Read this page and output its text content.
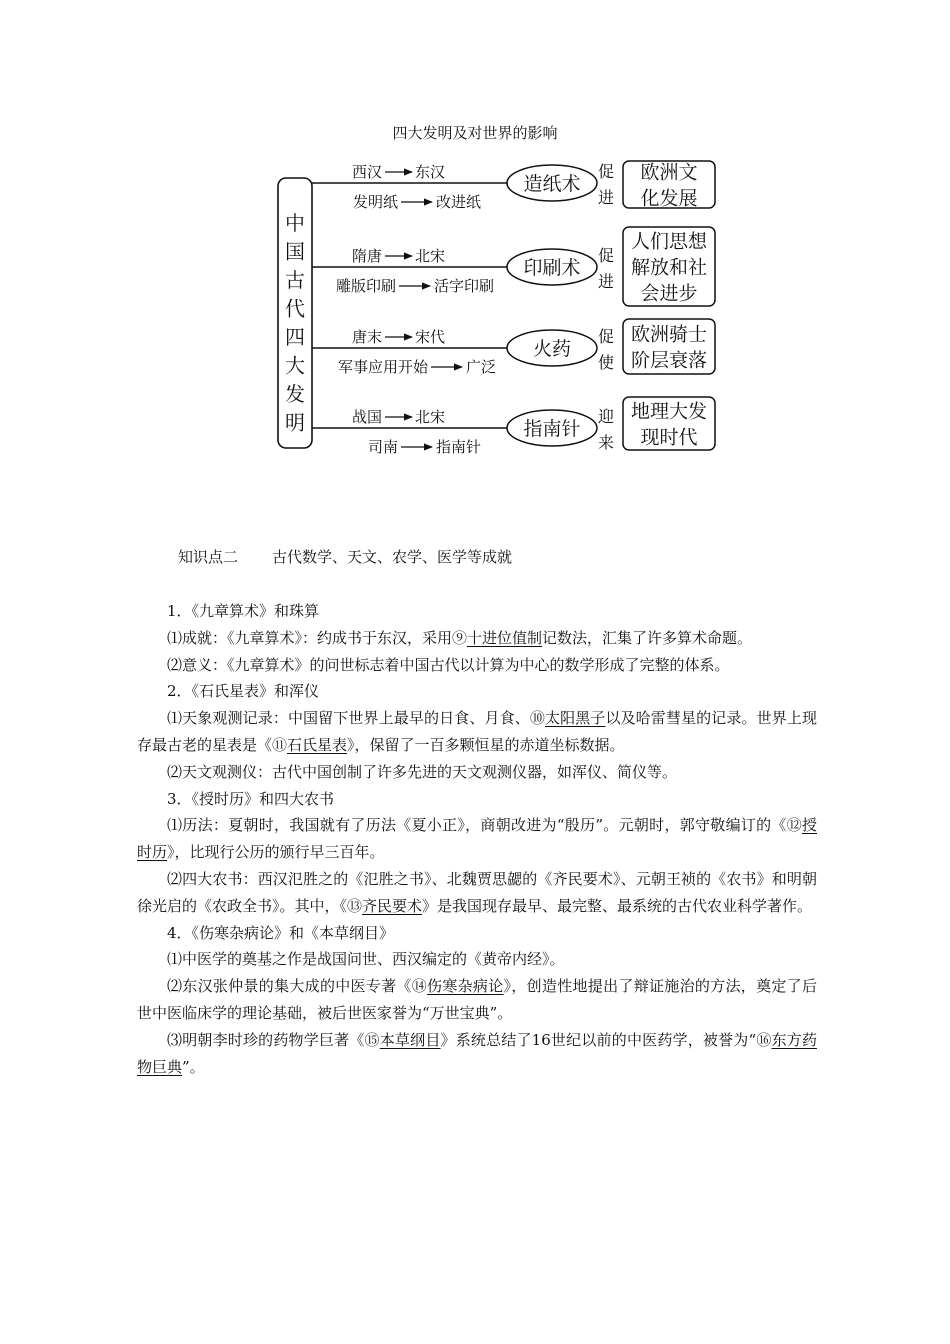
四大发明及对世界的影响
中
国
古
代
四
大
发
明
西汉 东汉
发明纸	改进纸
造纸术
促
进
欧洲文
化发展
隋唐 北宋
雕版印刷	活字印刷
印刷术
促
进
人们思想
解放和社
会进步
唐末 宋代
军事应用开始	广泛
火药
促
使
欧洲骑士
阶层衰落
战国 北宋
司南	指南针
指南针
迎
来
地理大发
现时代
知识点二 古代数学、天文、农学、医学等成就

1．《九章算术》和珠算

⑴成就：《九章算术》：约成书于东汉，采用⑨十进位值制记数法，汇集了许多算术命题。

⑵意义：《九章算术》的问世标志着中国古代以计算为中心的数学形成了完整的体系。

2．《石氏星表》和浑仪

⑴天象观测记录：中国留下世界上最早的日食、月食、⑩太阳黑子以及哈雷彗星的记录。世界上现存最古老的星表是《⑪石氏星表》，保留了一百多颗恒星的赤道坐标数据。

⑵天文观测仪：古代中国创制了许多先进的天文观测仪器，如浑仪、简仪等。

3．《授时历》和四大农书

⑴历法：夏朝时，我国就有了历法《夏小正》，商朝改进为“殷历”。元朝时，郭守敬编订的《⑫授时历》，比现行公历的颁行早三百年。

⑵四大农书：西汉氾胜之的《氾胜之书》、北魏贾思勰的《齐民要术》、元朝王祯的《农书》和明朝徐光启的《农政全书》。其中，《⑬齐民要术》是我国现存最早、最完整、最系统的古代农业科学著作。

4．《伤寒杂病论》和《本草纲目》

⑴中医学的奠基之作是战国问世、西汉编定的《黄帝内经》。

⑵东汉张仲景的集大成的中医专著《⑭伤寒杂病论》，创造性地提出了辩证施治的方法，奠定了后世中医临床学的理论基础，被后世医家誉为“万世宝典”。

⑶明朝李时珍的药物学巨著《⑮本草纲目》系统总结了16世纪以前的中医药学，被誉为“⑯东方药物巨典”。
